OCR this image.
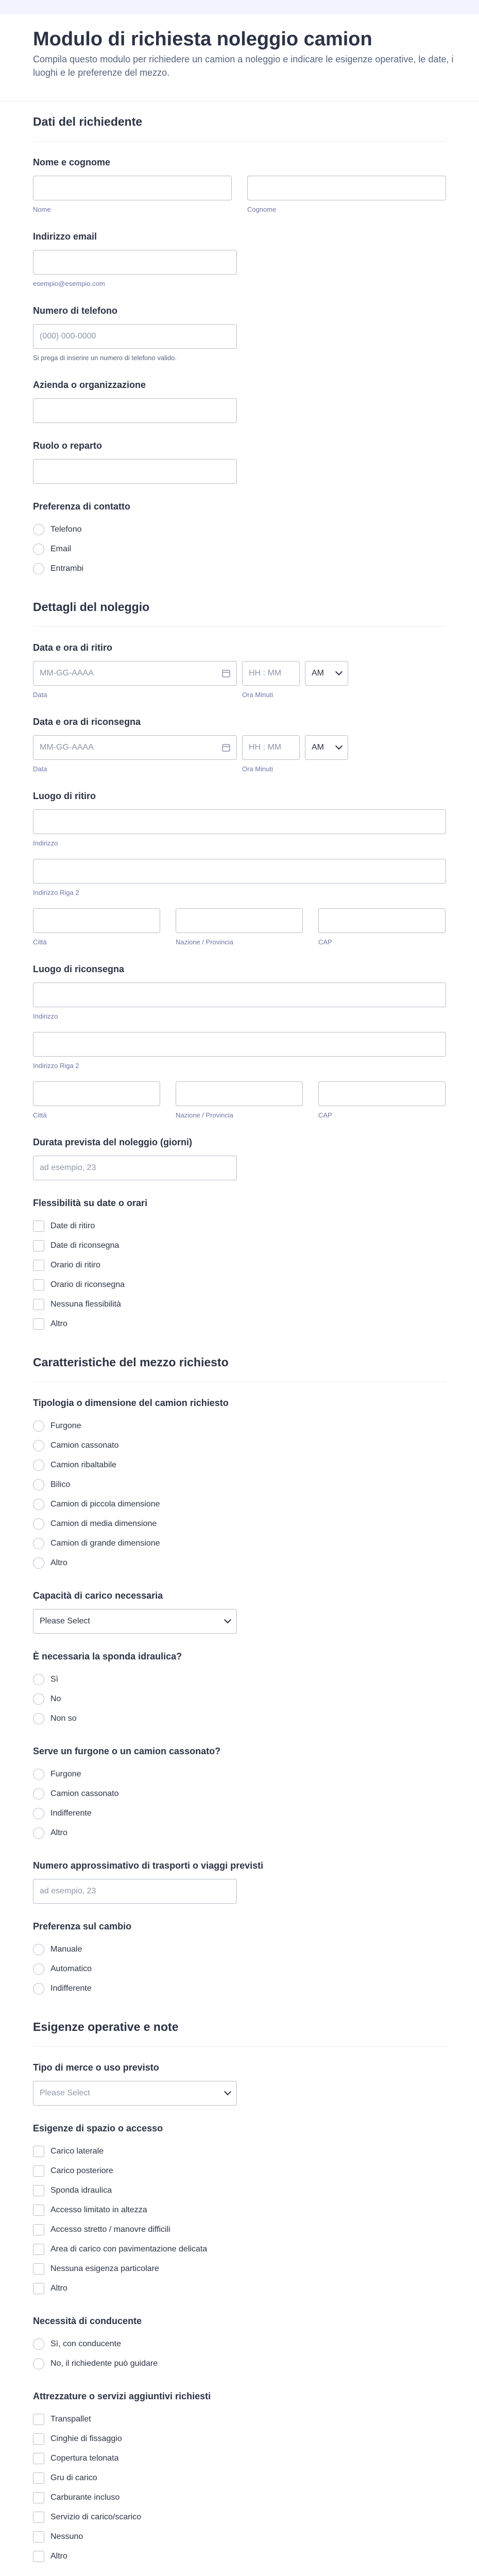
Modulo di richiesta noleggio camion

Compila questo modulo per richiedere un camion a noleggio e indicare le esigenze operative, le date, i luoghi e le preferenze del mezzo.

Dati del richiedente
Nome e cognome
Nome	Cognome
Indirizzo email
esempio@esempio.com
Numero di telefono
(000) 000-0000
Si prega di inserire un numero di telefono valido.
Azienda o organizzazione
Ruolo o reparto
Preferenza di contatto
Telefono
Email
Entrambi
Dettagli del noleggio
Data e ora di ritiro
MM-GG-AAAA
Data
HH : MM
Ora Minuti
AM
Data e ora di riconsegna
MM-GG-AAAA
Data
HH : MM
Ora Minuti
AM
Luogo di ritiro
Indirizzo
Indirizzo Riga 2
Città	Nazione / Provincia	CAP
Luogo di riconsegna
Indirizzo
Indirizzo Riga 2
Città	Nazione / Provincia	CAP
Durata prevista del noleggio (giorni)
ad esempio, 23
Flessibilità su date o orari
Date di ritiro
Date di riconsegna
Orario di ritiro
Orario di riconsegna
Nessuna flessibilità
Altro
Caratteristiche del mezzo richiesto
Tipologia o dimensione del camion richiesto
Furgone
Camion cassonato
Camion ribaltabile
Bilico
Camion di piccola dimensione
Camion di media dimensione
Camion di grande dimensione
Altro
Capacità di carico necessaria
Please Select
È necessaria la sponda idraulica?
Sì
No
Non so
Serve un furgone o un camion cassonato?
Furgone
Camion cassonato
Indifferente
Altro
Numero approssimativo di trasporti o viaggi previsti
ad esempio, 23
Preferenza sul cambio
Manuale
Automatico
Indifferente
Esigenze operative e note
Tipo di merce o uso previsto
Please Select
Esigenze di spazio o accesso
Carico laterale
Carico posteriore
Sponda idraulica
Accesso limitato in altezza
Accesso stretto / manovre difficili
Area di carico con pavimentazione delicata
Nessuna esigenza particolare
Altro
Necessità di conducente
Sì, con conducente
No, il richiedente può guidare
Attrezzature o servizi aggiuntivi richiesti
Transpallet
Cinghie di fissaggio
Copertura telonata
Gru di carico
Carburante incluso
Servizio di carico/scarico
Nessuno
Altro
